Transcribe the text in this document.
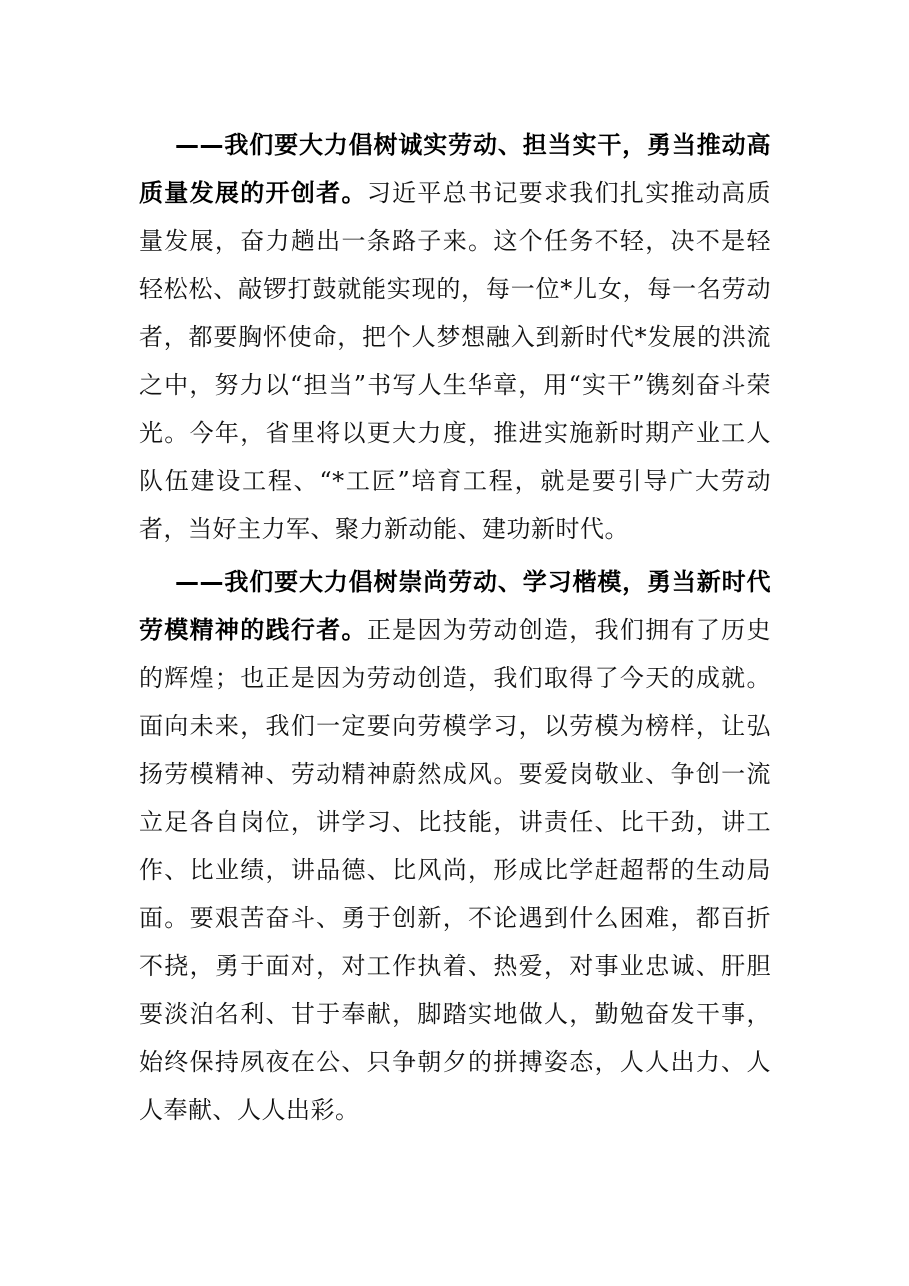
——我们要大力倡树诚实劳动、担当实干，勇当推动高质量发展的开创者。习近平总书记要求我们扎实推动高质量发展，奋力趟出一条路子来。这个任务不轻，决不是轻轻松松、敲锣打鼓就能实现的，每一位*儿女，每一名劳动者，都要胸怀使命，把个人梦想融入到新时代*发展的洪流之中，努力以“担当”书写人生华章，用“实干”镌刻奋斗荣光。今年，省里将以更大力度，推进实施新时期产业工人队伍建设工程、“*工匠”培育工程，就是要引导广大劳动者，当好主力军、聚力新动能、建功新时代。

——我们要大力倡树崇尚劳动、学习楷模，勇当新时代劳模精神的践行者。正是因为劳动创造，我们拥有了历史的辉煌；也正是因为劳动创造，我们取得了今天的成就。面向未来，我们一定要向劳模学习，以劳模为榜样，让弘扬劳模精神、劳动精神蔚然成风。要爱岗敬业、争创一流立足各自岗位，讲学习、比技能，讲责任、比干劲，讲工作、比业绩，讲品德、比风尚，形成比学赶超帮的生动局面。要艰苦奋斗、勇于创新，不论遇到什么困难，都百折不挠，勇于面对，对工作执着、热爱，对事业忠诚、肝胆要淡泊名利、甘于奉献，脚踏实地做人，勤勉奋发干事，始终保持夙夜在公、只争朝夕的拼搏姿态，人人出力、人人奉献、人人出彩。
